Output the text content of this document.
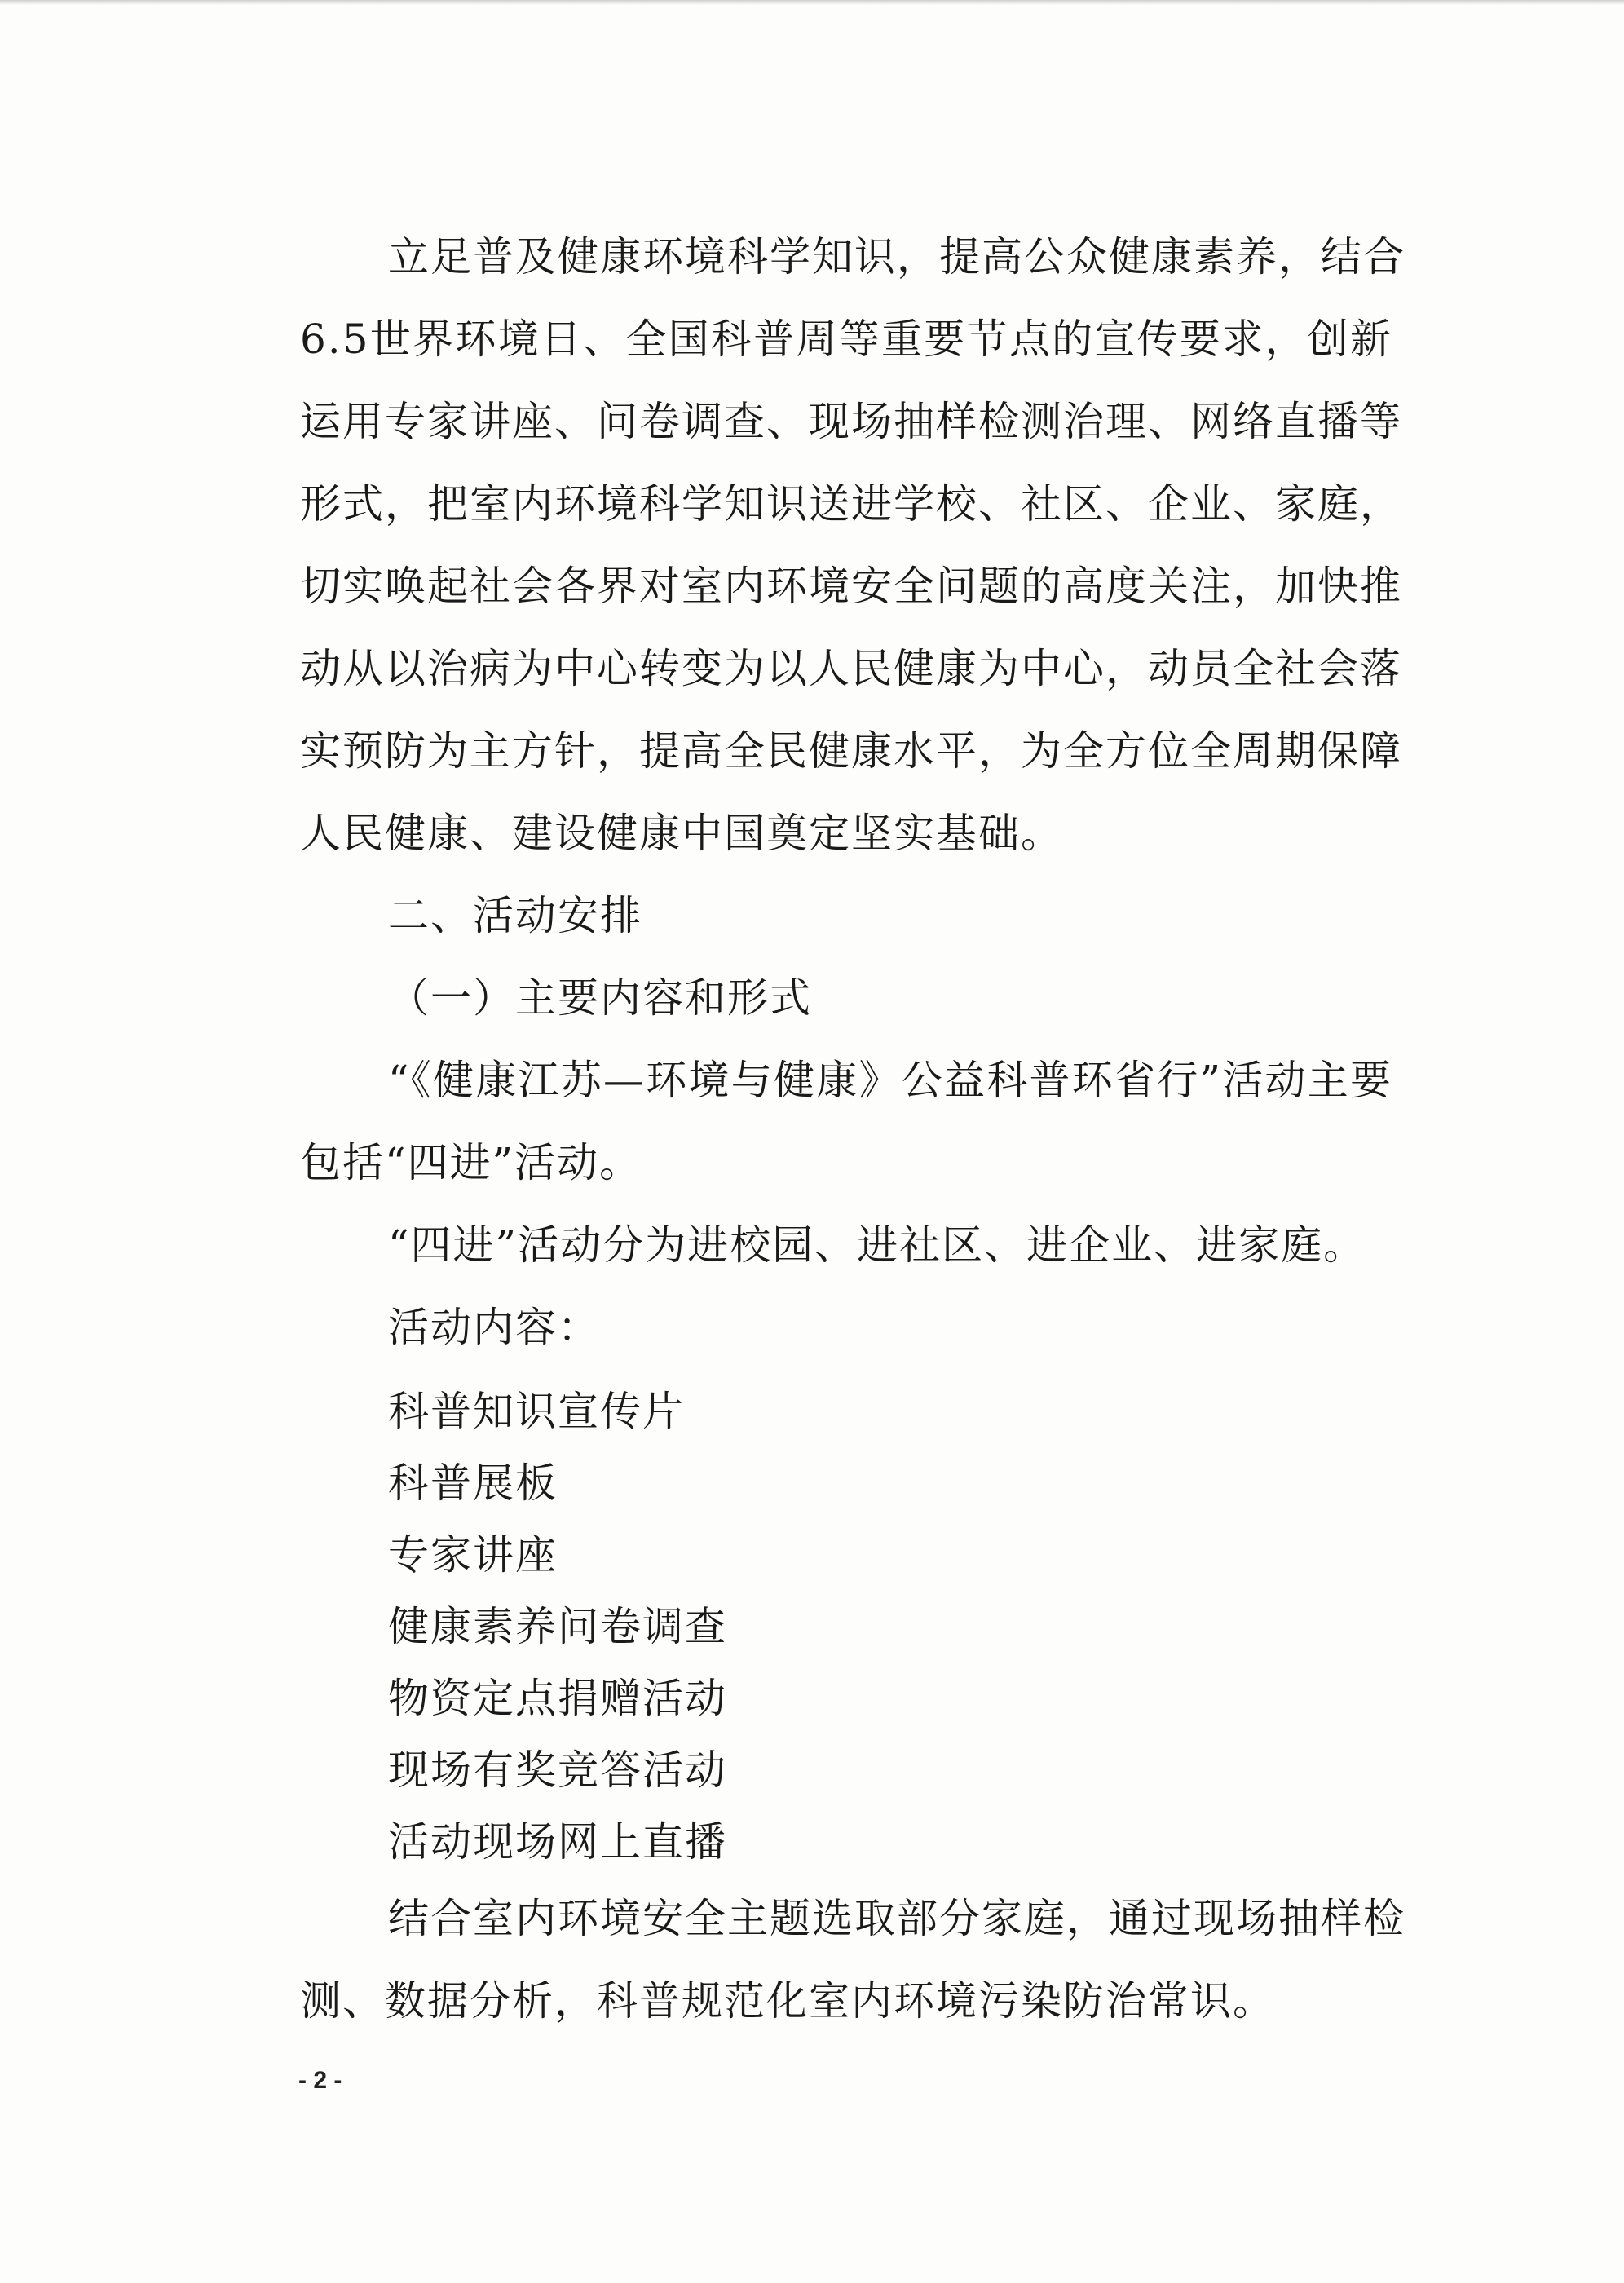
立足普及健康环境科学知识，提高公众健康素养，结合
6.5世界环境日、全国科普周等重要节点的宣传要求，创新
运用专家讲座、问卷调查、现场抽样检测治理、网络直播等
形式，把室内环境科学知识送进学校、社区、企业、家庭，
切实唤起社会各界对室内环境安全问题的高度关注，加快推
动从以治病为中心转变为以人民健康为中心，动员全社会落
实预防为主方针，提高全民健康水平，为全方位全周期保障
人民健康、建设健康中国奠定坚实基础。
二、活动安排
（一）主要内容和形式
“《健康江苏—环境与健康》公益科普环省行”活动主要
包括“四进”活动。
“四进”活动分为进校园、进社区、进企业、进家庭。
活动内容：
科普知识宣传片
科普展板
专家讲座
健康素养问卷调查
物资定点捐赠活动
现场有奖竞答活动
活动现场网上直播
结合室内环境安全主题选取部分家庭，通过现场抽样检
测、数据分析，科普规范化室内环境污染防治常识。
- 2 -
